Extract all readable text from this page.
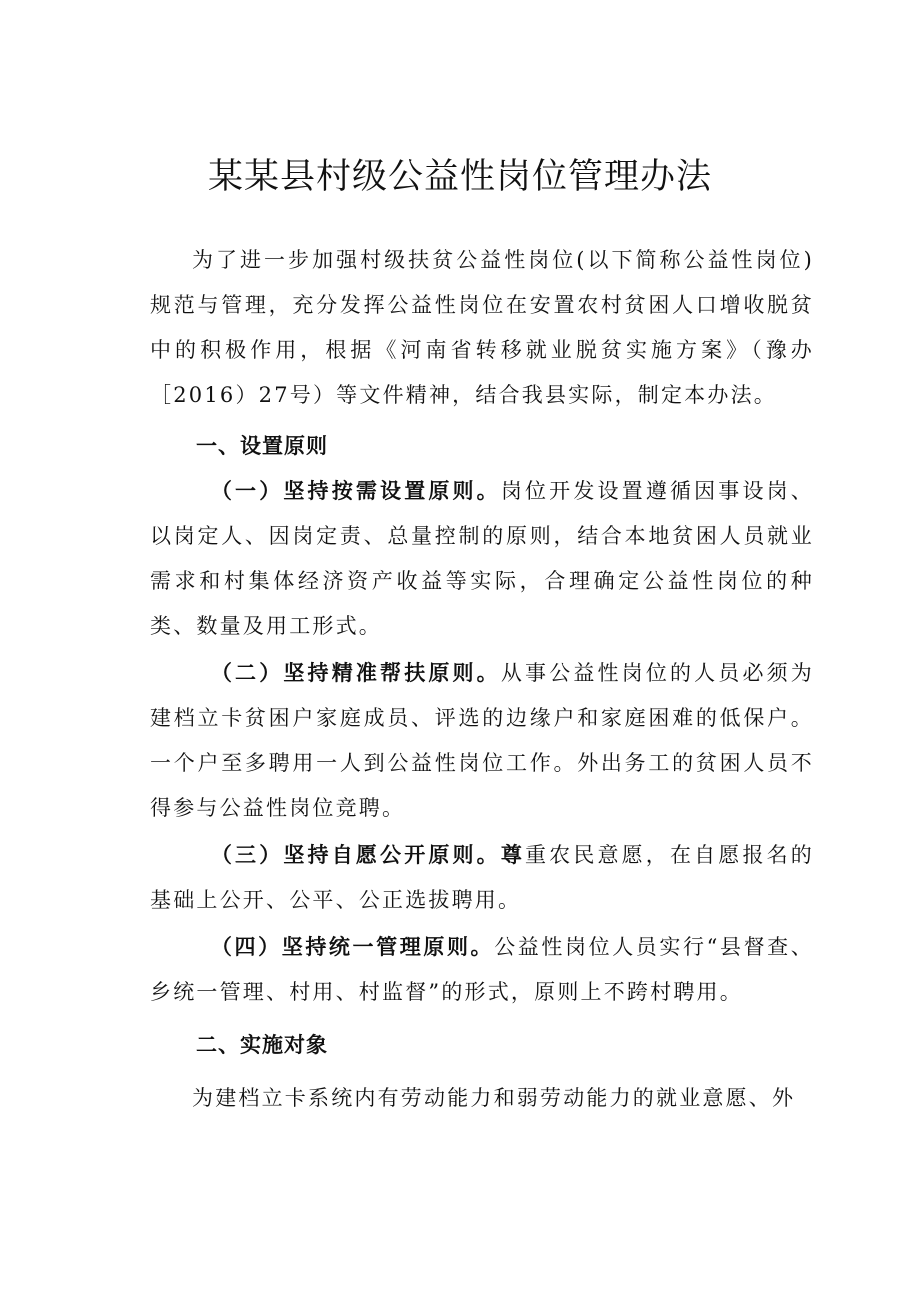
某某县村级公益性岗位管理办法

为了进一步加强村级扶贫公益性岗位(以下简称公益性岗位)规范与管理，充分发挥公益性岗位在安置农村贫困人口增收脱贫中的积极作用，根据《河南省转移就业脱贫实施方案》（豫办［2016）27号）等文件精神，结合我县实际，制定本办法。

一、设置原则

（一）坚持按需设置原则。岗位开发设置遵循因事设岗、以岗定人、因岗定责、总量控制的原则，结合本地贫困人员就业需求和村集体经济资产收益等实际，合理确定公益性岗位的种类、数量及用工形式。

（二）坚持精准帮扶原则。从事公益性岗位的人员必须为建档立卡贫困户家庭成员、评选的边缘户和家庭困难的低保户。一个户至多聘用一人到公益性岗位工作。外出务工的贫困人员不得参与公益性岗位竞聘。

（三）坚持自愿公开原则。尊重农民意愿，在自愿报名的基础上公开、公平、公正选拔聘用。

（四）坚持统一管理原则。公益性岗位人员实行“县督查、乡统一管理、村用、村监督”的形式，原则上不跨村聘用。

二、实施对象

为建档立卡系统内有劳动能力和弱劳动能力的就业意愿、外
